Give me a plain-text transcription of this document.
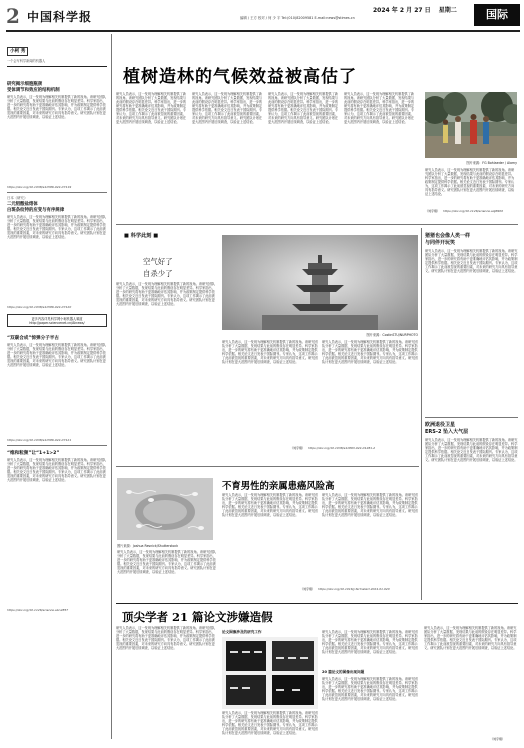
2 中国科学报	2024 年 2 月 27 日 星期二
编辑 / 王方 校对 / 何 少 宇 Tel:(010)82009581 E-mail:news@stimes.cn	国际
小柯 秀
一个会写科学新闻的机器人
研究揭示细胞瓶颈
受体调节和效应的结构机制
研究人员表示，这一发现为理解相关机制提供了新的视角。该研究团队分析了大量数据，发现结果与此前的假设存在明显差异。科学家指出，进一步的研究将有助于更准确地评估其影响，并为政策制定提供科学依据。相关论文近日发表于国际期刊。专家认为，这项工作揭示了此前被忽视的重要因素，对未来的研究方向具有指导意义。研究团队计划在更大范围内开展后续调查，以验证上述结论。
https://doi.org/10.1038/s41586-024-07119
日本《研究》
二元铝酸盐熔体
白斑条纹特的应变与有序规律
研究人员表示，这一发现为理解相关机制提供了新的视角。该研究团队分析了大量数据，发现结果与此前的假设存在明显差异。科学家指出，进一步的研究将有助于更准确地评估其影响，并为政策制定提供科学依据。相关论文近日发表于国际期刊。专家认为，这项工作揭示了此前被忽视的重要因素，对未来的研究方向具有指导意义。研究团队计划在更大范围内开展后续调查，以验证上述结论。
https://doi.org/10.1038/s41586-024-07120
更多内容详见科学网小柯机器人频道
http://paper.sciencenet.cn/AInews/
“双碳合成”惊弹分子半古
研究人员表示，这一发现为理解相关机制提供了新的视角。该研究团队分析了大量数据，发现结果与此前的假设存在明显差异。科学家指出，进一步的研究将有助于更准确地评估其影响，并为政策制定提供科学依据。相关论文近日发表于国际期刊。专家认为，这项工作揭示了此前被忽视的重要因素，对未来的研究方向具有指导意义。研究团队计划在更大范围内开展后续调查，以验证上述结论。
https://doi.org/10.1038/s41586-024-07121
“维和粒频”让“1+1>2”
研究人员表示，这一发现为理解相关机制提供了新的视角。该研究团队分析了大量数据，发现结果与此前的假设存在明显差异。科学家指出，进一步的研究将有助于更准确地评估其影响，并为政策制定提供科学依据。相关论文近日发表于国际期刊。专家认为，这项工作揭示了此前被忽视的重要因素，对未来的研究方向具有指导意义。研究团队计划在更大范围内开展后续调查，以验证上述结论。
https://doi.org/10.1126/science.abn2857
植树造林的气候效益被高估了
研究人员表示，这一发现为理解相关机制提供了新的视角。该研究团队分析了大量数据，发现结果与此前的假设存在明显差异。科学家指出，进一步的研究将有助于更准确地评估其影响，并为政策制定提供科学依据。相关论文近日发表于国际期刊。专家认为，这项工作揭示了此前被忽视的重要因素，对未来的研究方向具有指导意义。研究团队计划在更大范围内开展后续调查，以验证上述结论。
研究人员表示，这一发现为理解相关机制提供了新的视角。该研究团队分析了大量数据，发现结果与此前的假设存在明显差异。科学家指出，进一步的研究将有助于更准确地评估其影响，并为政策制定提供科学依据。相关论文近日发表于国际期刊。专家认为，这项工作揭示了此前被忽视的重要因素，对未来的研究方向具有指导意义。研究团队计划在更大范围内开展后续调查，以验证上述结论。
研究人员表示，这一发现为理解相关机制提供了新的视角。该研究团队分析了大量数据，发现结果与此前的假设存在明显差异。科学家指出，进一步的研究将有助于更准确地评估其影响，并为政策制定提供科学依据。相关论文近日发表于国际期刊。专家认为，这项工作揭示了此前被忽视的重要因素，对未来的研究方向具有指导意义。研究团队计划在更大范围内开展后续调查，以验证上述结论。
研究人员表示，这一发现为理解相关机制提供了新的视角。该研究团队分析了大量数据，发现结果与此前的假设存在明显差异。科学家指出，进一步的研究将有助于更准确地评估其影响，并为政策制定提供科学依据。相关论文近日发表于国际期刊。专家认为，这项工作揭示了此前被忽视的重要因素，对未来的研究方向具有指导意义。研究团队计划在更大范围内开展后续调查，以验证上述结论。
图片来源：FG Bohlaeder / Alamy
研究人员表示，这一发现为理解相关机制提供了新的视角。该研究团队分析了大量数据，发现结果与此前的假设存在明显差异。科学家指出，进一步的研究将有助于更准确地评估其影响，并为政策制定提供科学依据。相关论文近日发表于国际期刊。专家认为，这项工作揭示了此前被忽视的重要因素，对未来的研究方向具有指导意义。研究团队计划在更大范围内开展后续调查，以验证上述结论。
（刘宇翔） https://doi.org/10.1126/science.adj6900
■ 科学此刻 ■
空气好了
自杀少了
图片来源：CostinSTU/NURPHOTO
研究人员表示，这一发现为理解相关机制提供了新的视角。该研究团队分析了大量数据，发现结果与此前的假设存在明显差异。科学家指出，进一步的研究将有助于更准确地评估其影响，并为政策制定提供科学依据。相关论文近日发表于国际期刊。专家认为，这项工作揭示了此前被忽视的重要因素，对未来的研究方向具有指导意义。研究团队计划在更大范围内开展后续调查，以验证上述结论。
研究人员表示，这一发现为理解相关机制提供了新的视角。该研究团队分析了大量数据，发现结果与此前的假设存在明显差异。科学家指出，进一步的研究将有助于更准确地评估其影响，并为政策制定提供科学依据。相关论文近日发表于国际期刊。专家认为，这项工作揭示了此前被忽视的重要因素，对未来的研究方向具有指导意义。研究团队计划在更大范围内开展后续调查，以验证上述结论。
研究人员表示，这一发现为理解相关机制提供了新的视角。该研究团队分析了大量数据，发现结果与此前的假设存在明显差异。科学家指出，进一步的研究将有助于更准确地评估其影响，并为政策制定提供科学依据。相关论文近日发表于国际期刊。专家认为，这项工作揭示了此前被忽视的重要因素，对未来的研究方向具有指导意义。研究团队计划在更大范围内开展后续调查，以验证上述结论。
（刘宇翔） https://doi.org/10.1038/s41893-024-01281-2
猪猪也会像人类一样
与同伴开玩笑
研究人员表示，这一发现为理解相关机制提供了新的视角。该研究团队分析了大量数据，发现结果与此前的假设存在明显差异。科学家指出，进一步的研究将有助于更准确地评估其影响，并为政策制定提供科学依据。相关论文近日发表于国际期刊。专家认为，这项工作揭示了此前被忽视的重要因素，对未来的研究方向具有指导意义。研究团队计划在更大范围内开展后续调查，以验证上述结论。
欧洲退役卫星
ERS-2 坠入大气层
研究人员表示，这一发现为理解相关机制提供了新的视角。该研究团队分析了大量数据，发现结果与此前的假设存在明显差异。科学家指出，进一步的研究将有助于更准确地评估其影响，并为政策制定提供科学依据。相关论文近日发表于国际期刊。专家认为，这项工作揭示了此前被忽视的重要因素，对未来的研究方向具有指导意义。研究团队计划在更大范围内开展后续调查，以验证上述结论。
图片来源：Joshua Resnick/Shutterstock
不育男性的亲属患癌风险高
研究人员表示，这一发现为理解相关机制提供了新的视角。该研究团队分析了大量数据，发现结果与此前的假设存在明显差异。科学家指出，进一步的研究将有助于更准确地评估其影响，并为政策制定提供科学依据。相关论文近日发表于国际期刊。专家认为，这项工作揭示了此前被忽视的重要因素，对未来的研究方向具有指导意义。研究团队计划在更大范围内开展后续调查，以验证上述结论。
研究人员表示，这一发现为理解相关机制提供了新的视角。该研究团队分析了大量数据，发现结果与此前的假设存在明显差异。科学家指出，进一步的研究将有助于更准确地评估其影响，并为政策制定提供科学依据。相关论文近日发表于国际期刊。专家认为，这项工作揭示了此前被忽视的重要因素，对未来的研究方向具有指导意义。研究团队计划在更大范围内开展后续调查，以验证上述结论。
研究人员表示，这一发现为理解相关机制提供了新的视角。该研究团队分析了大量数据，发现结果与此前的假设存在明显差异。科学家指出，进一步的研究将有助于更准确地评估其影响，并为政策制定提供科学依据。相关论文近日发表于国际期刊。专家认为，这项工作揭示了此前被忽视的重要因素，对未来的研究方向具有指导意义。研究团队计划在更大范围内开展后续调查，以验证上述结论。
（刘宇翔） https://doi.org/10.1016/j.fertnstert.2024.01.020
顶尖学者 21 篇论文涉嫌造假
研究人员表示，这一发现为理解相关机制提供了新的视角。该研究团队分析了大量数据，发现结果与此前的假设存在明显差异。科学家指出，进一步的研究将有助于更准确地评估其影响，并为政策制定提供科学依据。相关论文近日发表于国际期刊。专家认为，这项工作揭示了此前被忽视的重要因素，对未来的研究方向具有指导意义。研究团队计划在更大范围内开展后续调查，以验证上述结论。
论文图像涉及的研究工作
研究人员表示，这一发现为理解相关机制提供了新的视角。该研究团队分析了大量数据，发现结果与此前的假设存在明显差异。科学家指出，进一步的研究将有助于更准确地评估其影响，并为政策制定提供科学依据。相关论文近日发表于国际期刊。专家认为，这项工作揭示了此前被忽视的重要因素，对未来的研究方向具有指导意义。研究团队计划在更大范围内开展后续调查，以验证上述结论。
研究人员表示，这一发现为理解相关机制提供了新的视角。该研究团队分析了大量数据，发现结果与此前的假设存在明显差异。科学家指出，进一步的研究将有助于更准确地评估其影响，并为政策制定提供科学依据。相关论文近日发表于国际期刊。专家认为，这项工作揭示了此前被忽视的重要因素，对未来的研究方向具有指导意义。研究团队计划在更大范围内开展后续调查，以验证上述结论。
20 篇论文的图像出现问题
研究人员表示，这一发现为理解相关机制提供了新的视角。该研究团队分析了大量数据，发现结果与此前的假设存在明显差异。科学家指出，进一步的研究将有助于更准确地评估其影响，并为政策制定提供科学依据。相关论文近日发表于国际期刊。专家认为，这项工作揭示了此前被忽视的重要因素，对未来的研究方向具有指导意义。研究团队计划在更大范围内开展后续调查，以验证上述结论。
研究人员表示，这一发现为理解相关机制提供了新的视角。该研究团队分析了大量数据，发现结果与此前的假设存在明显差异。科学家指出，进一步的研究将有助于更准确地评估其影响，并为政策制定提供科学依据。相关论文近日发表于国际期刊。专家认为，这项工作揭示了此前被忽视的重要因素，对未来的研究方向具有指导意义。研究团队计划在更大范围内开展后续调查，以验证上述结论。
（刘宇翔）
